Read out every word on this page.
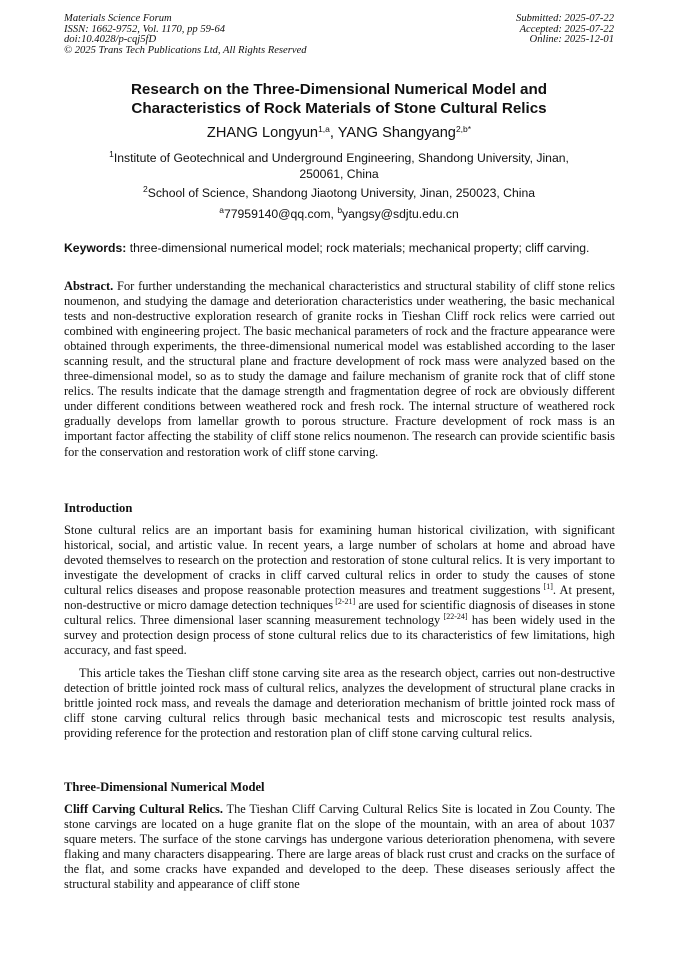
Materials Science Forum
ISSN: 1662-9752, Vol. 1170, pp 59-64
doi:10.4028/p-cqj5fD
© 2025 Trans Tech Publications Ltd, All Rights Reserved
Submitted: 2025-07-22
Accepted: 2025-07-22
Online: 2025-12-01
Research on the Three-Dimensional Numerical Model and
Characteristics of Rock Materials of Stone Cultural Relics
ZHANG Longyun$^{1,a}$, YANG Shangyang$^{2,b*}$
$^1$Institute of Geotechnical and Underground Engineering, Shandong University, Jinan,
250061, China
$^2$School of Science, Shandong Jiaotong University, Jinan, 250023, China
$^a$77959140@qq.com, $^b$yangsy@sdjtu.edu.cn
Keywords: three-dimensional numerical model; rock materials; mechanical property; cliff carving.
Abstract. For further understanding the mechanical characteristics and structural stability of cliff stone relics noumenon, and studying the damage and deterioration characteristics under weathering, the basic mechanical tests and non-destructive exploration research of granite rocks in Tieshan Cliff rock relics were carried out combined with engineering project. The basic mechanical parameters of rock and the fracture appearance were obtained through experiments, the three-dimensional numerical model was established according to the laser scanning result, and the structural plane and fracture development of rock mass were analyzed based on the three-dimensional model, so as to study the damage and failure mechanism of granite rock that of cliff stone relics. The results indicate that the damage strength and fragmentation degree of rock are obviously different under different conditions between weathered rock and fresh rock. The internal structure of weathered rock gradually develops from lamellar growth to porous structure. Fracture development of rock mass is an important factor affecting the stability of cliff stone relics noumenon. The research can provide scientific basis for the conservation and restoration work of cliff stone carving.
Introduction
Stone cultural relics are an important basis for examining human historical civilization, with significant historical, social, and artistic value. In recent years, a large number of scholars at home and abroad have devoted themselves to research on the protection and restoration of stone cultural relics. It is very important to investigate the development of cracks in cliff carved cultural relics in order to study the causes of stone cultural relics diseases and propose reasonable protection measures and treatment suggestions [1]. At present, non-destructive or micro damage detection techniques [2-21] are used for scientific diagnosis of diseases in stone cultural relics. Three dimensional laser scanning measurement technology [22-24] has been widely used in the survey and protection design process of stone cultural relics due to its characteristics of few limitations, high accuracy, and fast speed.
This article takes the Tieshan cliff stone carving site area as the research object, carries out non-destructive detection of brittle jointed rock mass of cultural relics, analyzes the development of structural plane cracks in brittle jointed rock mass, and reveals the damage and deterioration mechanism of brittle jointed rock mass of cliff stone carving cultural relics through basic mechanical tests and microscopic test results analysis, providing reference for the protection and restoration plan of cliff stone carving cultural relics.
Three-Dimensional Numerical Model
Cliff Carving Cultural Relics. The Tieshan Cliff Carving Cultural Relics Site is located in Zou County. The stone carvings are located on a huge granite flat on the slope of the mountain, with an area of about 1037 square meters. The surface of the stone carvings has undergone various deterioration phenomena, with severe flaking and many characters disappearing. There are large areas of black rust crust and cracks on the surface of the flat, and some cracks have expanded and developed to the deep. These diseases seriously affect the structural stability and appearance of cliff stone
